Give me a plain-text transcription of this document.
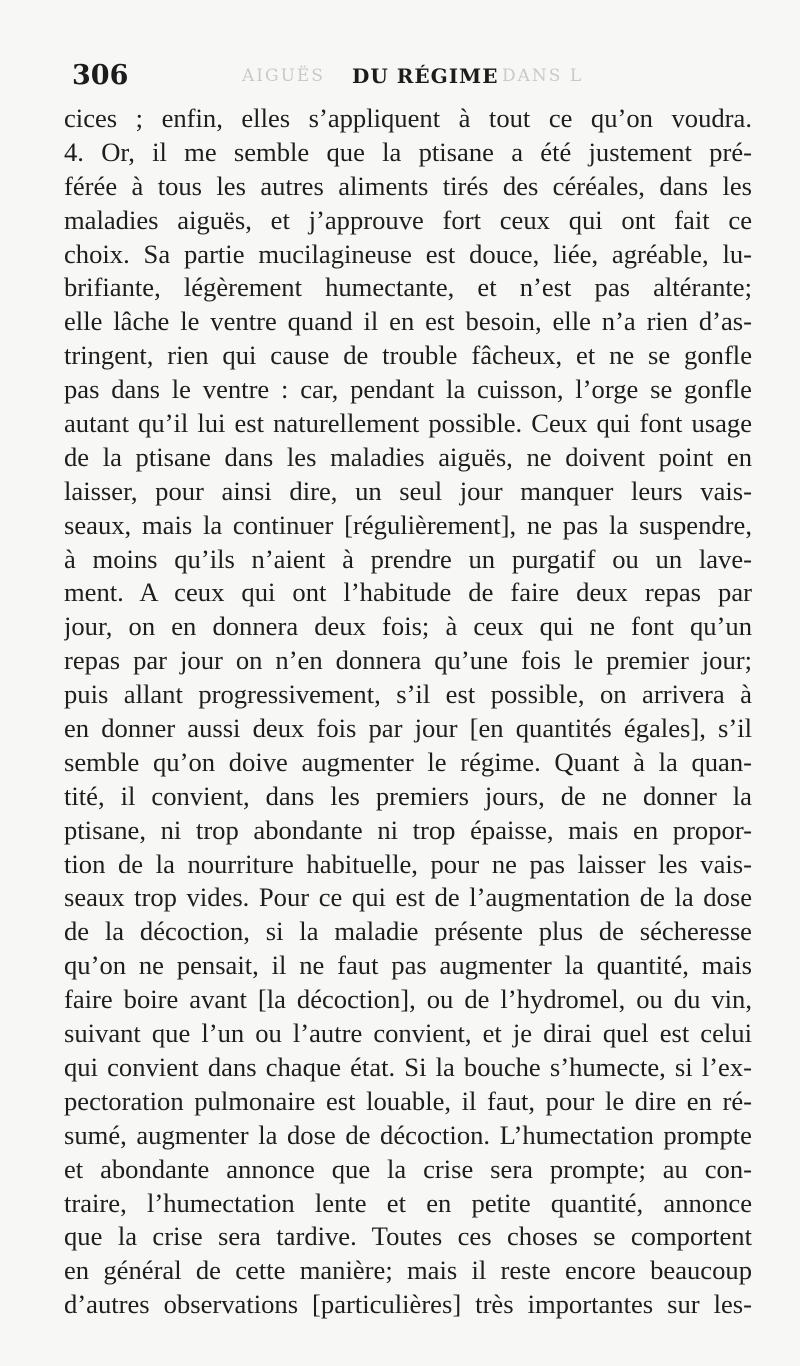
306	AIGUËS DU RÉGIME DANS L
cices ; enfin, elles s’appliquent à tout ce qu’on voudra.
4. Or, il me semble que la ptisane a été justement pré-
férée à tous les autres aliments tirés des céréales, dans les
maladies aiguës, et j’approuve fort ceux qui ont fait ce
choix. Sa partie mucilagineuse est douce, liée, agréable, lu-
brifiante, légèrement humectante, et n’est pas altérante;
elle lâche le ventre quand il en est besoin, elle n’a rien d’as-
tringent, rien qui cause de trouble fâcheux, et ne se gonfle
pas dans le ventre : car, pendant la cuisson, l’orge se gonfle
autant qu’il lui est naturellement possible. Ceux qui font usage
de la ptisane dans les maladies aiguës, ne doivent point en
laisser, pour ainsi dire, un seul jour manquer leurs vais-
seaux, mais la continuer [régulièrement], ne pas la suspendre,
à moins qu’ils n’aient à prendre un purgatif ou un lave-
ment. A ceux qui ont l’habitude de faire deux repas par
jour, on en donnera deux fois; à ceux qui ne font qu’un
repas par jour on n’en donnera qu’une fois le premier jour;
puis allant progressivement, s’il est possible, on arrivera à
en donner aussi deux fois par jour [en quantités égales], s’il
semble qu’on doive augmenter le régime. Quant à la quan-
tité, il convient, dans les premiers jours, de ne donner la
ptisane, ni trop abondante ni trop épaisse, mais en propor-
tion de la nourriture habituelle, pour ne pas laisser les vais-
seaux trop vides. Pour ce qui est de l’augmentation de la dose
de la décoction, si la maladie présente plus de sécheresse
qu’on ne pensait, il ne faut pas augmenter la quantité, mais
faire boire avant [la décoction], ou de l’hydromel, ou du vin,
suivant que l’un ou l’autre convient, et je dirai quel est celui
qui convient dans chaque état. Si la bouche s’humecte, si l’ex-
pectoration pulmonaire est louable, il faut, pour le dire en ré-
sumé, augmenter la dose de décoction. L’humectation prompte
et abondante annonce que la crise sera prompte; au con-
traire, l’humectation lente et en petite quantité, annonce
que la crise sera tardive. Toutes ces choses se comportent
en général de cette manière; mais il reste encore beaucoup
d’autres observations [particulières] très importantes sur les-
